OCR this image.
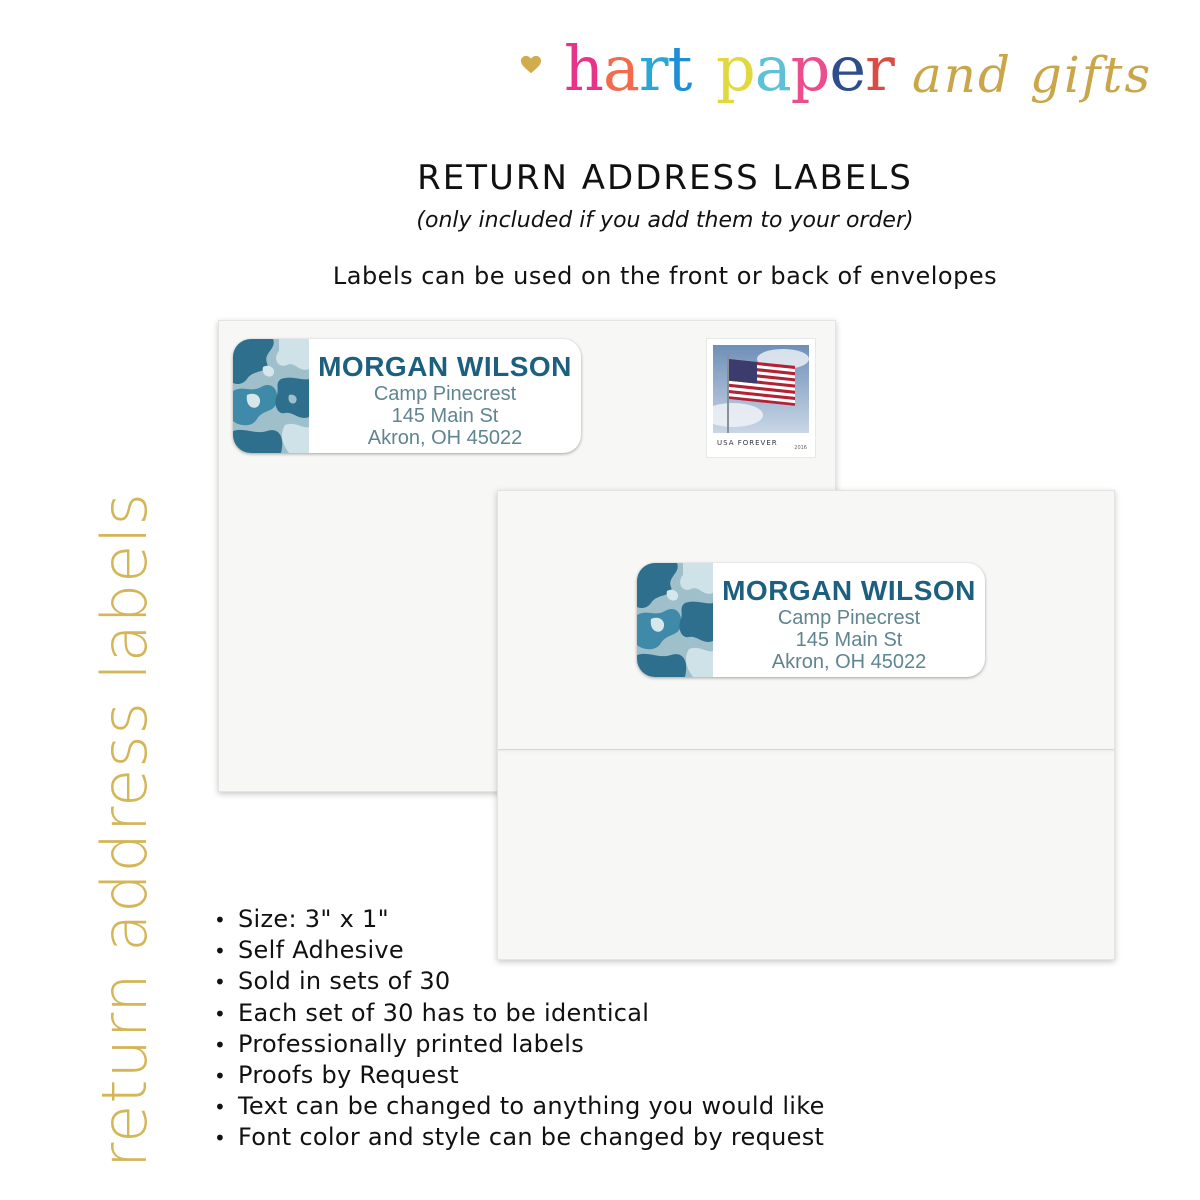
hart paper and gifts
return address labels
RETURN ADDRESS LABELS
(only included if you add them to your order)
Labels can be used on the front or back of envelopes
MORGAN WILSON
Camp Pinecrest
145 Main St
Akron, OH 45022	USA FOREVER
2016
MORGAN WILSON
Camp Pinecrest
145 Main St
Akron, OH 45022
• Size: 3" x 1"
• Self Adhesive
• Sold in sets of 30
• Each set of 30 has to be identical
• Professionally printed labels
• Proofs by Request
• Text can be changed to anything you would like
• Font color and style can be changed by request
